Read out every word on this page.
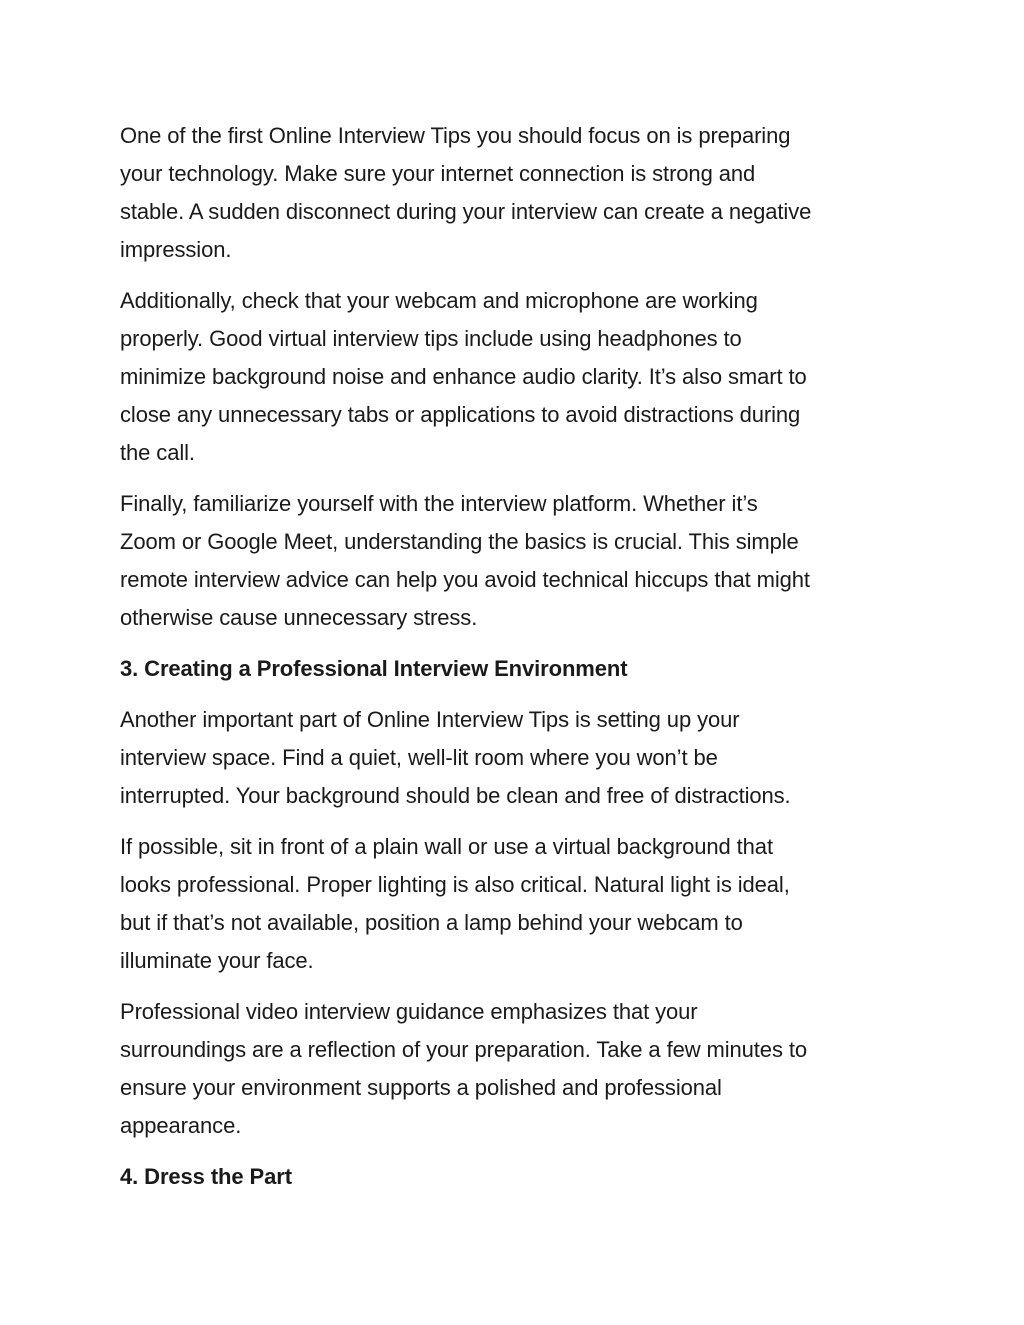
One of the first Online Interview Tips you should focus on is preparing
your technology. Make sure your internet connection is strong and
stable. A sudden disconnect during your interview can create a negative
impression.

Additionally, check that your webcam and microphone are working
properly. Good virtual interview tips include using headphones to
minimize background noise and enhance audio clarity. It’s also smart to
close any unnecessary tabs or applications to avoid distractions during
the call.

Finally, familiarize yourself with the interview platform. Whether it’s
Zoom or Google Meet, understanding the basics is crucial. This simple
remote interview advice can help you avoid technical hiccups that might
otherwise cause unnecessary stress.

3. Creating a Professional Interview Environment

Another important part of Online Interview Tips is setting up your
interview space. Find a quiet, well-lit room where you won’t be
interrupted. Your background should be clean and free of distractions.

If possible, sit in front of a plain wall or use a virtual background that
looks professional. Proper lighting is also critical. Natural light is ideal,
but if that’s not available, position a lamp behind your webcam to
illuminate your face.

Professional video interview guidance emphasizes that your
surroundings are a reflection of your preparation. Take a few minutes to
ensure your environment supports a polished and professional
appearance.

4. Dress the Part
